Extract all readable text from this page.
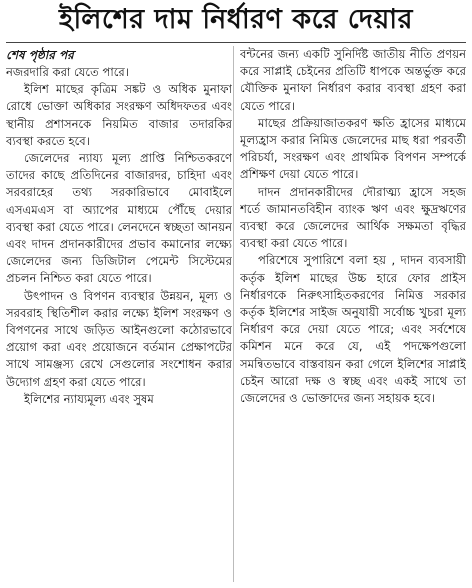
ইলিশের দাম নির্ধারণ করে দেয়ার

শেষ পৃষ্ঠার পর

নজরদারি করা যেতে পারে।

ইলিশ মাছের কৃত্রিম সঙ্কট ও অধিক মুনাফা রোধে ভোক্তা অধিকার সংরক্ষণ অধিদফতর এবং স্থানীয় প্রশাসনকে নিয়মিত বাজার তদারকির ব্যবস্থা করতে হবে।

জেলেদের ন্যায্য মূল্য প্রাপ্তি নিশ্চিতকরণে তাদের কাছে প্রতিদিনের বাজারদর, চাহিদা এবং সরবরাহের তথ্য সরকারিভাবে মোবাইলে এসএমএস বা অ্যাপের মাধ্যমে পৌঁছে দেয়ার ব্যবস্থা করা যেতে পারে। লেনদেনে স্বচ্ছতা আনয়ন এবং দাদন প্রদানকারীদের প্রভাব কমানোর লক্ষ্যে জেলেদের জন্য ডিজিটাল পেমেন্ট সিস্টেমের প্রচলন নিশ্চিত করা যেতে পারে।

উৎপাদন ও বিপণন ব্যবস্থার উন্নয়ন, মূল্য ও সরবরাহ স্থিতিশীল করার লক্ষ্যে ইলিশ সংরক্ষণ ও বিপণনের সাথে জড়িত আইনগুলো কঠোরভাবে প্রয়োগ করা এবং প্রয়োজনে বর্তমান প্রেক্ষাপটের সাথে সামঞ্জস্য রেখে সেগুলোর সংশোধন করার উদ্যোগ গ্রহণ করা যেতে পারে।

ইলিশের ন্যায্যমূল্য এবং সুষম

বন্টনের জন্য একটি সুনির্দিষ্ট জাতীয় নীতি প্রণয়ন করে সাপ্লাই চেইনের প্রতিটি ধাপকে অন্তর্ভুক্ত করে যৌক্তিক মুনাফা নির্ধারণ করার ব্যবস্থা গ্রহণ করা যেতে পারে।

মাছের প্রক্রিয়াজাতকরণ ক্ষতি হ্রাসের মাধ্যমে মূল্যহ্রাস করার নিমিত্ত জেলেদের মাছ ধরা পরবর্তী পরিচর্যা, সংরক্ষণ এবং প্রাথমিক বিপণন সম্পর্কে প্রশিক্ষণ দেয়া যেতে পারে।

দাদন প্রদানকারীদের দৌরাত্ম্য হ্রাসে সহজ শর্তে জামানতবিহীন ব্যাংক ঋণ এবং ক্ষুদ্রঋণের ব্যবস্থা করে জেলেদের আর্থিক সক্ষমতা বৃদ্ধির ব্যবস্থা করা যেতে পারে।

পরিশেষে সুপারিশে বলা হয় , দাদন ব্যবসায়ী কর্তৃক ইলিশ মাছের উচ্চ হারে ফোর প্রাইস নির্ধারণকে নিরুৎসাহিতকরণের নিমিত্ত সরকার কর্তৃক ইলিশের সাইজ অনুযায়ী সর্বোচ্চ খুচরা মূল্য নির্ধারণ করে দেয়া যেতে পারে; এবং সর্বশেষে কমিশন মনে করে যে, এই পদক্ষেপগুলো সমন্বিতভাবে বাস্তবায়ন করা গেলে ইলিশের সাপ্লাই চেইন আরো দক্ষ ও স্বচ্ছ এবং একই সাথে তা জেলেদের ও ভোক্তাদের জন্য সহায়ক হবে।
